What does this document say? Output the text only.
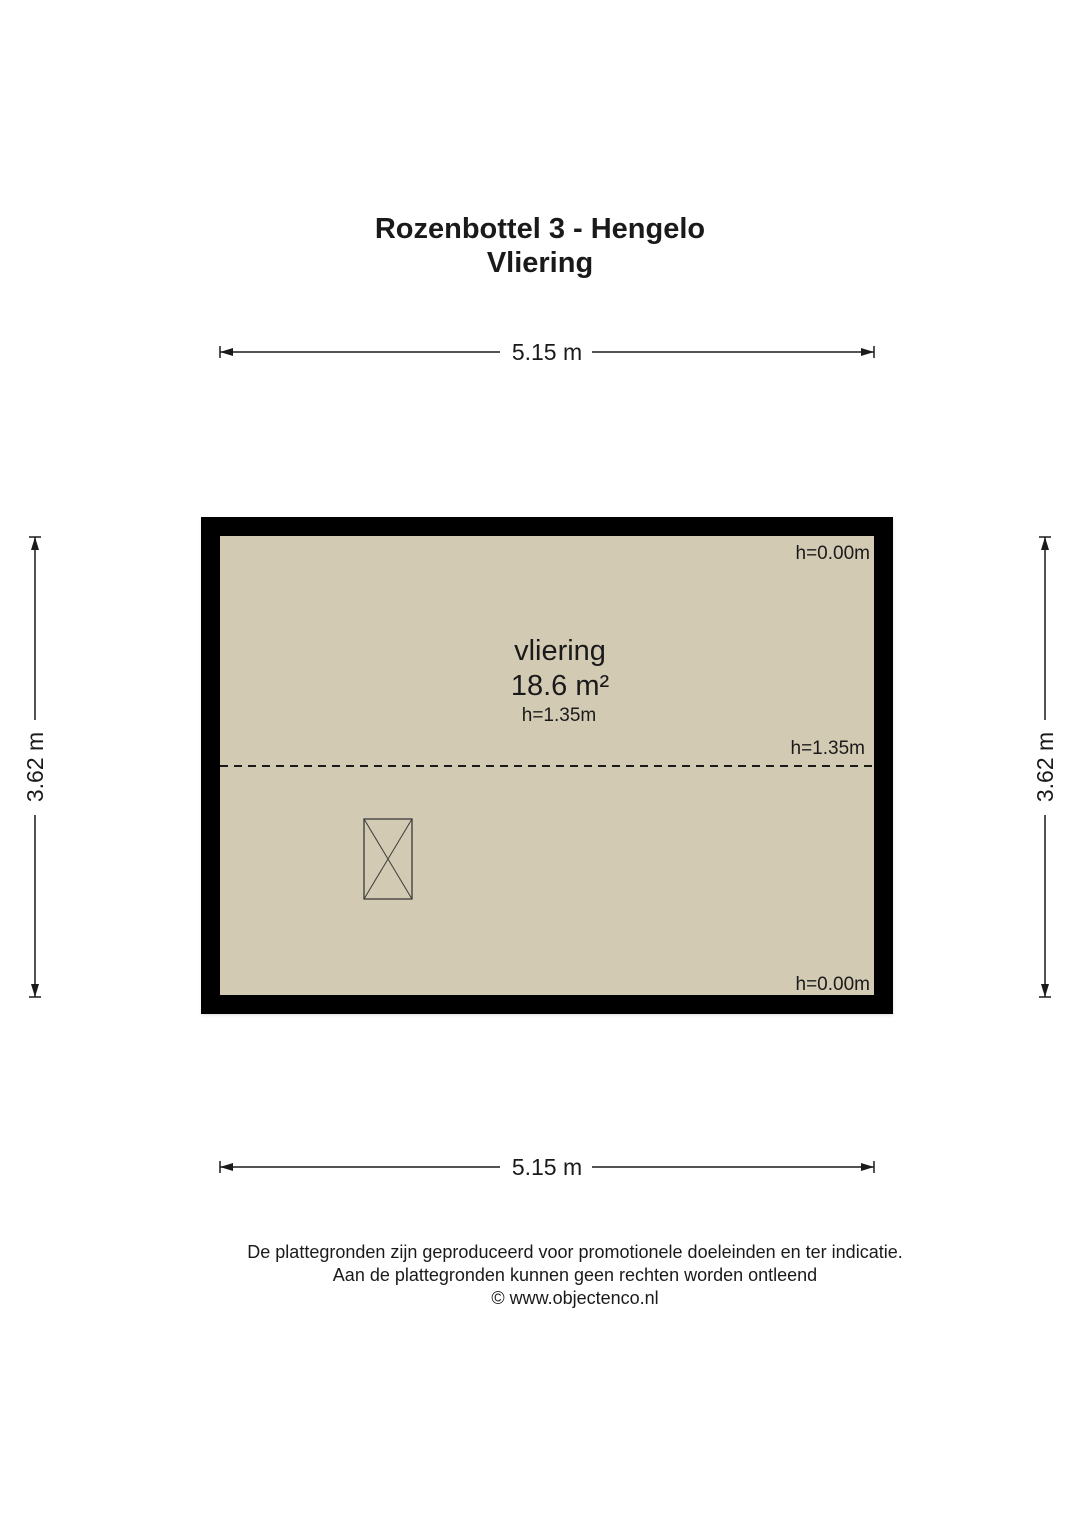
Rozenbottel 3 - Hengelo
Vliering
5.15 m
5.15 m
3.62 m	3.62 m
vliering
18.6 m²
h=1.35m
h=0.00m
h=1.35m
h=0.00m
De plattegronden zijn geproduceerd voor promotionele doeleinden en ter indicatie.
Aan de plattegronden kunnen geen rechten worden ontleend
© www.objectenco.nl
